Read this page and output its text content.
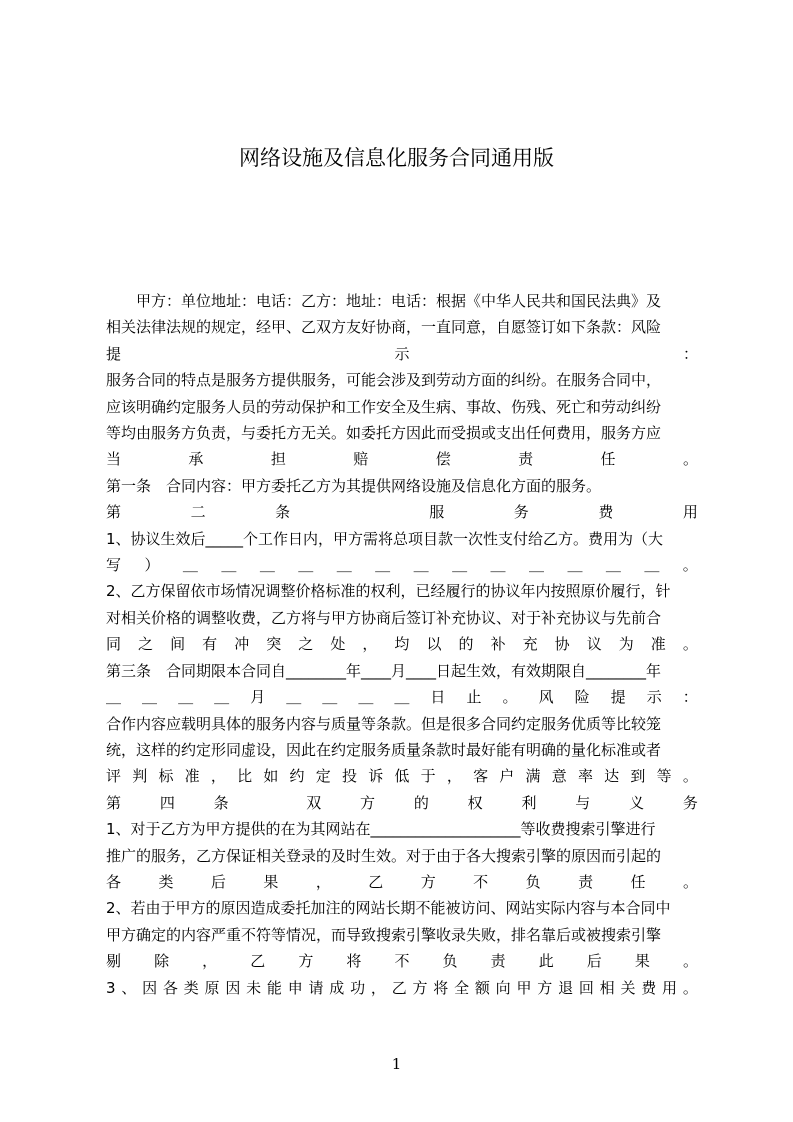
网络设施及信息化服务合同通用版
甲方：单位地址：电话：乙方：地址：电话：根据《中华人民共和国民法典》及
相关法律法规的规定，经甲、乙双方友好协商，一直同意，自愿签订如下条款：风险
提	示	：
服务合同的特点是服务方提供服务，可能会涉及到劳动方面的纠纷。在服务合同中，
应该明确约定服务人员的劳动保护和工作安全及生病、事故、伤残、死亡和劳动纠纷
等均由服务方负责，与委托方无关。如委托方因此而受损或支出任何费用，服务方应
当	承	担	赔	偿	责	任	。
第一条　合同内容：甲方委托乙方为其提供网络设施及信息化方面的服务。
第	二	条	服	务	费	用
1、协议生效后_____个工作日内，甲方需将总项目款一次性支付给乙方。费用为（大
写 ） ＿ ＿ ＿ ＿ ＿ ＿ ＿ ＿ ＿ ＿ ＿ ＿ ＿ 。
2、乙方保留依市场情况调整价格标准的权利，已经履行的协议年内按照原价履行，针
对相关价格的调整收费，乙方将与甲方协商后签订补充协议、对于补充协议与先前合
同 之 间 有 冲 突 之 处 ， 均 以 的 补 充 协 议 为 准 。
第三条　合同期限本合同自________年____月____日起生效，有效期限自________年
＿ ＿ ＿ ＿ 月 ＿ ＿ ＿ ＿ 日 止 。 风 险 提 示 ：
合作内容应载明具体的服务内容与质量等条款。但是很多合同约定服务优质等比较笼
统，这样的约定形同虚设，因此在约定服务质量条款时最好能有明确的量化标准或者
评 判 标 准 ， 比 如 约 定 投 诉 低 于 ， 客 户 满 意 率 达 到 等 。
第	四	条	双	方	的	权	利	与	义	务
1、对于乙方为甲方提供的在为其网站在____________________等收费搜索引擎进行
推广的服务，乙方保证相关登录的及时生效。对于由于各大搜索引擎的原因而引起的
各 类 后 果 ， 乙 方 不 负 责 任 。
2、若由于甲方的原因造成委托加注的网站长期不能被访问、网站实际内容与本合同中
甲方确定的内容严重不符等情况，而导致搜索引擎收录失败，排名靠后或被搜索引擎
剔 除 ， 乙 方 将 不 负 责 此 后 果 。
3 、 因 各 类 原 因 未 能 申 请 成 功 ， 乙 方 将 全 额 向 甲 方 退 回 相 关 费 用 。
1
